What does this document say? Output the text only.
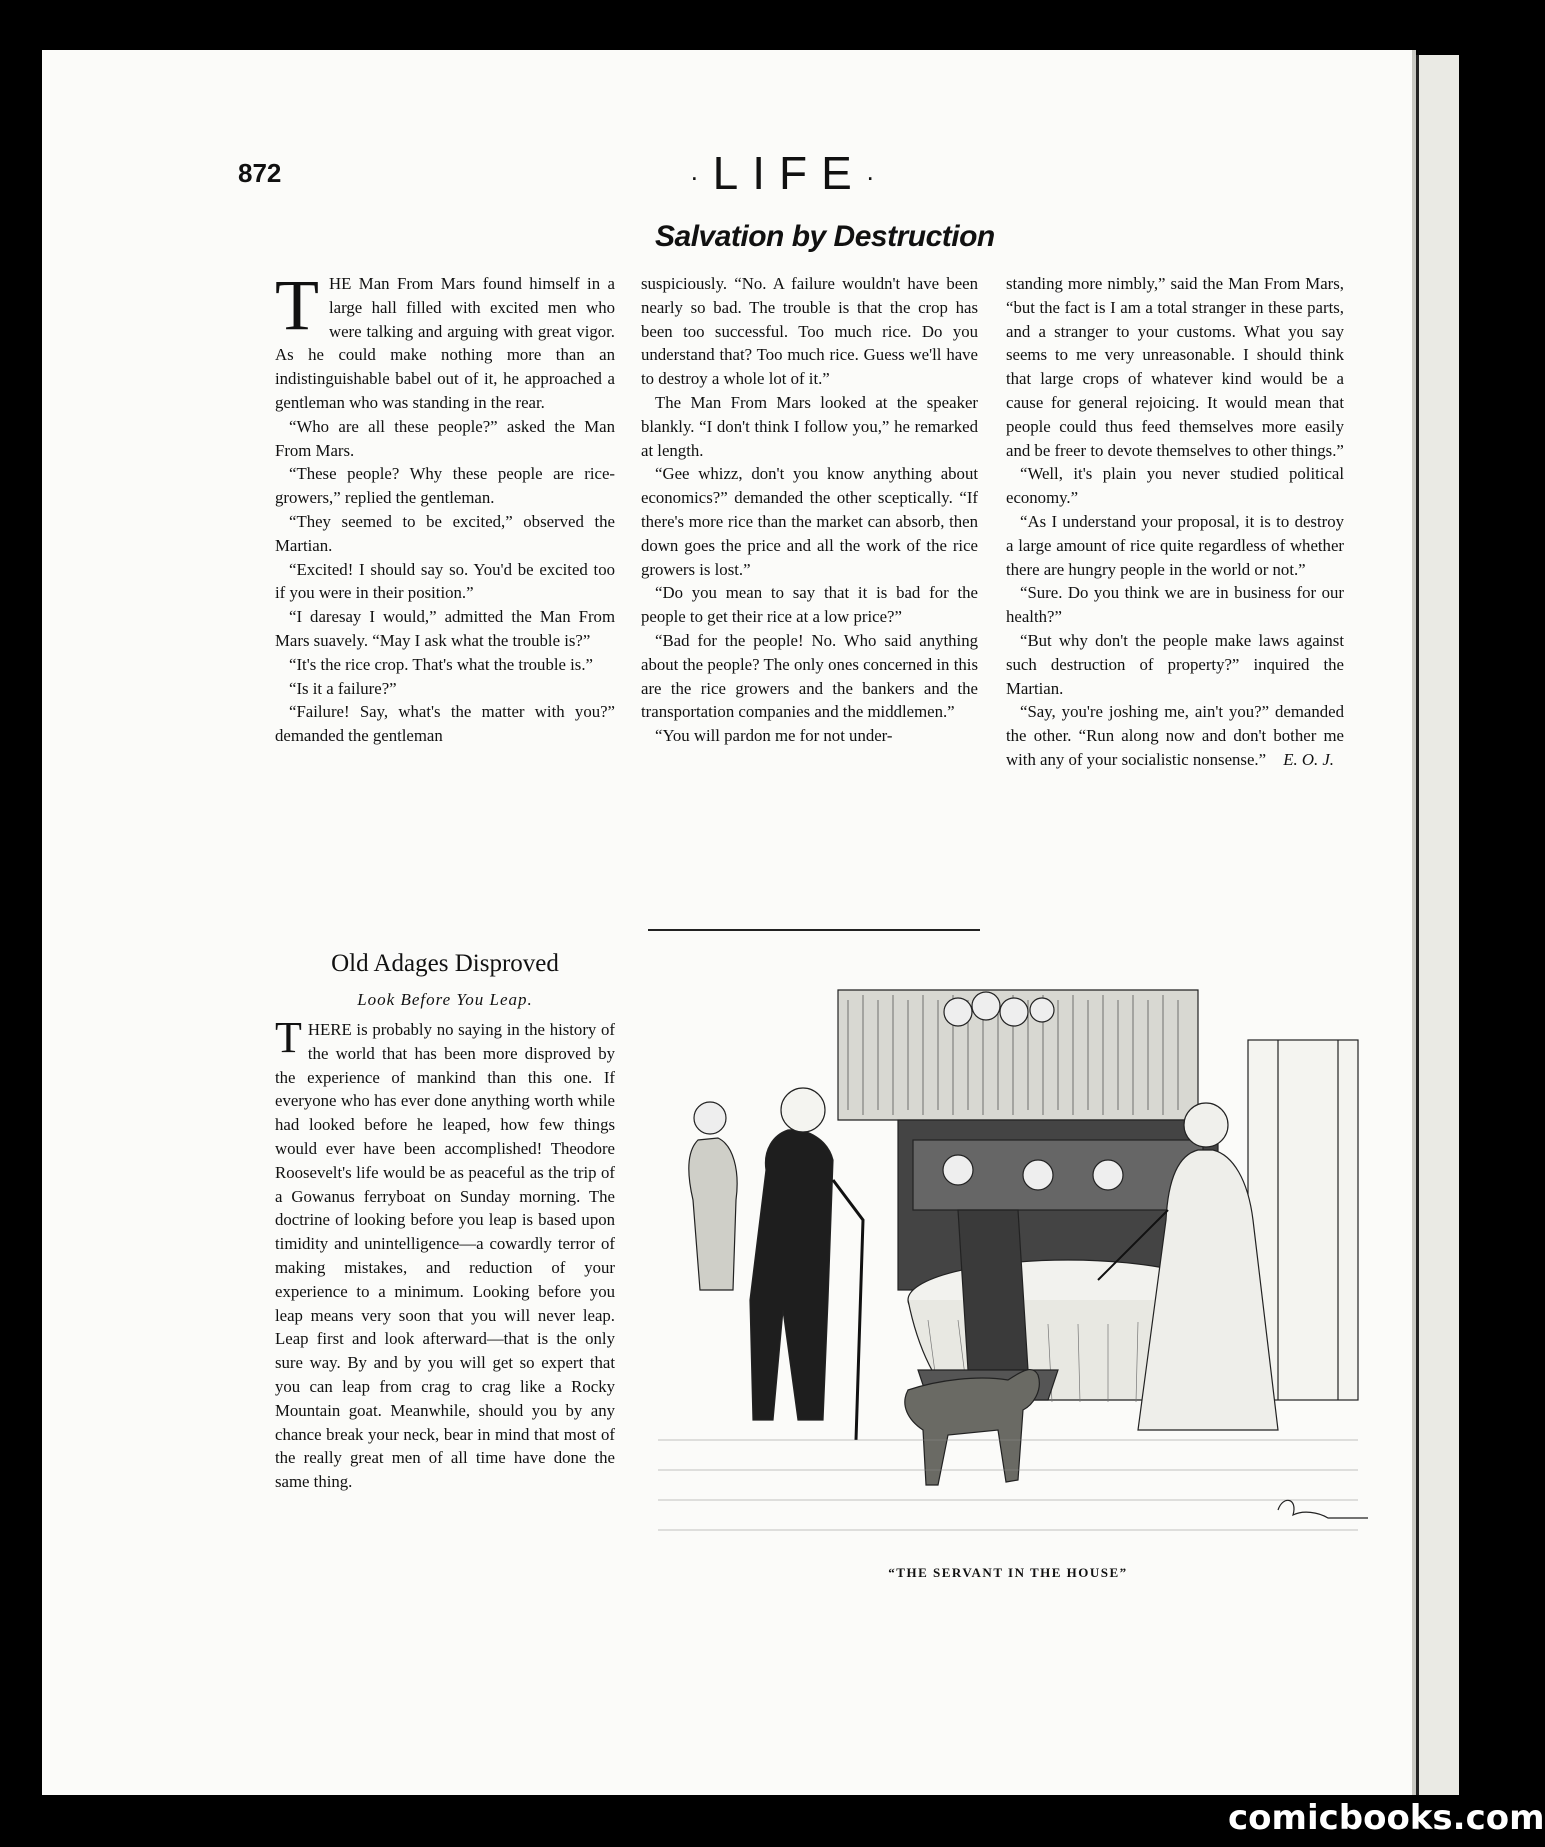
872	·LIFE·
Salvation by Destruction

THE Man From Mars found himself in a large hall filled with excited men who were talking and arguing with great vigor. As he could make nothing more than an indistinguishable babel out of it, he approached a gentleman who was standing in the rear.

“Who are all these people?” asked the Man From Mars.

“These people? Why these people are rice-growers,” replied the gentleman.

“They seemed to be excited,” observed the Martian.

“Excited! I should say so. You'd be excited too if you were in their position.”

“I daresay I would,” admitted the Man From Mars suavely. “May I ask what the trouble is?”

“It's the rice crop. That's what the trouble is.”

“Is it a failure?”

“Failure! Say, what's the matter with you?” demanded the gentleman

suspiciously. “No. A failure wouldn't have been nearly so bad. The trouble is that the crop has been too successful. Too much rice. Do you understand that? Too much rice. Guess we'll have to destroy a whole lot of it.”

The Man From Mars looked at the speaker blankly. “I don't think I follow you,” he remarked at length.

“Gee whizz, don't you know anything about economics?” demanded the other sceptically. “If there's more rice than the market can absorb, then down goes the price and all the work of the rice growers is lost.”

“Do you mean to say that it is bad for the people to get their rice at a low price?”

“Bad for the people! No. Who said anything about the people? The only ones concerned in this are the rice growers and the bankers and the transportation companies and the middlemen.”

“You will pardon me for not under-

standing more nimbly,” said the Man From Mars, “but the fact is I am a total stranger in these parts, and a stranger to your customs. What you say seems to me very unreasonable. I should think that large crops of whatever kind would be a cause for general rejoicing. It would mean that people could thus feed themselves more easily and be freer to devote themselves to other things.”

“Well, it's plain you never studied political economy.”

“As I understand your proposal, it is to destroy a large amount of rice quite regardless of whether there are hungry people in the world or not.”

“Sure. Do you think we are in business for our health?”

“But why don't the people make laws against such destruction of property?” inquired the Martian.

“Say, you're joshing me, ain't you?” demanded the other. “Run along now and don't bother me with any of your socialistic nonsense.”	E. O. J.

Old Adages Disproved
Look Before You Leap.

THERE is probably no saying in the history of the world that has been more disproved by the experience of mankind than this one. If everyone who has ever done anything worth while had looked before he leaped, how few things would ever have been accomplished! Theodore Roosevelt's life would be as peaceful as the trip of a Gowanus ferryboat on Sunday morning. The doctrine of looking before you leap is based upon timidity and unintelligence—a cowardly terror of making mistakes, and reduction of your experience to a minimum. Looking before you leap means very soon that you will never leap. Leap first and look afterward—that is the only sure way. By and by you will get so expert that you can leap from crag to crag like a Rocky Mountain goat. Meanwhile, should you by any chance break your neck, bear in mind that most of the really great men of all time have done the same thing.

“THE SERVANT IN THE HOUSE”
comicbooks.com
